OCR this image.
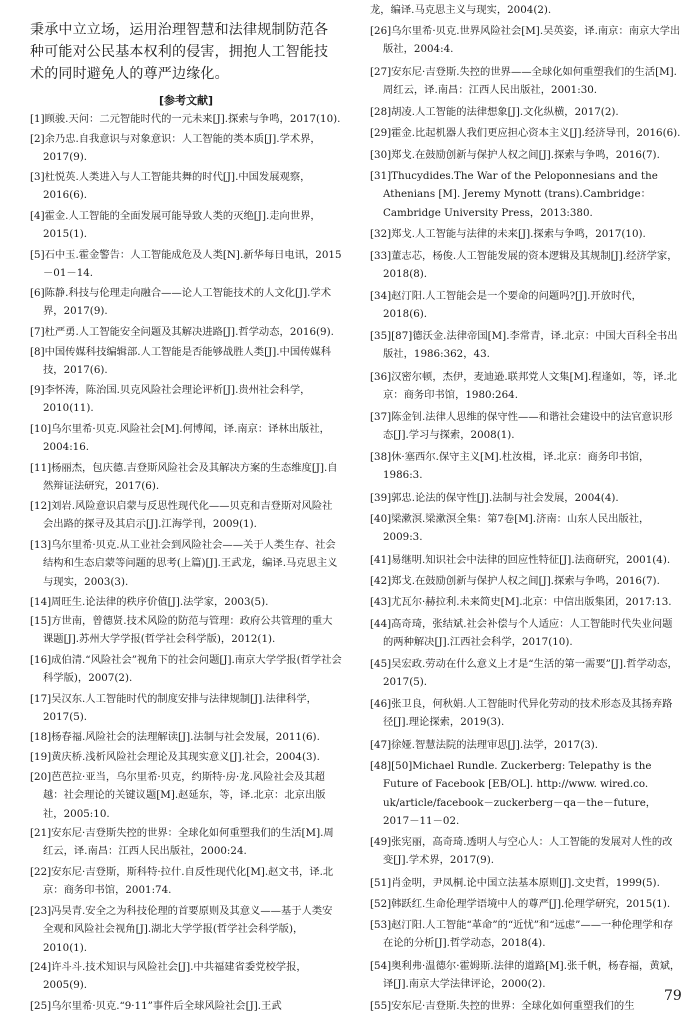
秉承中立立场，运用治理智慧和法律规制防范各种可能对公民基本权利的侵害，拥抱人工智能技术的同时避免人的尊严边缘化。
[参考文献]
[1]顾骏.天问：二元智能时代的一元未来[J].探索与争鸣，2017(10).
[2]余乃忠.自我意识与对象意识：人工智能的类本质[J].学术界，2017(9).
[3]杜悦英.人类进入与人工智能共舞的时代[J].中国发展观察，2016(6).
[4]霍金.人工智能的全面发展可能导致人类的灭绝[J].走向世界，2015(1).
[5]石中玉.霍金警告：人工智能成危及人类[N].新华每日电讯，2015－01－14.
[6]陈静.科技与伦理走向融合——论人工智能技术的人文化[J].学术界，2017(9).
[7]杜严勇.人工智能安全问题及其解决进路[J].哲学动态，2016(9).
[8]中国传媒科技编辑部.人工智能是否能够战胜人类[J].中国传媒科技，2017(6).
[9]李怀涛，陈治国.贝克风险社会理论评析[J].贵州社会科学，2010(11).
[10]乌尔里希·贝克.风险社会[M].何博闻，译.南京：译林出版社，2004:16.
[11]杨丽杰，包庆德.吉登斯风险社会及其解决方案的生态维度[J].自然辩证法研究，2017(6).
[12]刘岩.风险意识启蒙与反思性现代化——贝克和吉登斯对风险社会出路的探寻及其启示[J].江海学刊，2009(1).
[13]乌尔里希·贝克.从工业社会到风险社会——关于人类生存、社会结构和生态启蒙等问题的思考(上篇)[J].王武龙，编译.马克思主义与现实，2003(3).
[14]周旺生.论法律的秩序价值[J].法学家，2003(5).
[15]方世南，曾德贤.技术风险的防范与管理：政府公共管理的重大课题[J].苏州大学学报(哲学社会科学版)，2012(1).
[16]成伯清.“风险社会”视角下的社会问题[J].南京大学学报(哲学社会科学版)，2007(2).
[17]吴汉东.人工智能时代的制度安排与法律规制[J].法律科学，2017(5).
[18]杨春福.风险社会的法理解读[J].法制与社会发展，2011(6).
[19]黄庆桥.浅析风险社会理论及其现实意义[J].社会，2004(3).
[20]芭芭拉·亚当，乌尔里希·贝克，约斯特·房·龙.风险社会及其超越：社会理论的关键议题[M].赵延东，等，译.北京：北京出版社，2005:10.
[21]安东尼·吉登斯失控的世界：全球化如何重塑我们的生活[M].周红云，译.南昌：江西人民出版社，2000:24.
[22]安东尼·吉登斯，斯科特·拉什.自反性现代化[M].赵文书，译.北京：商务印书馆，2001:74.
[23]冯昊青.安全之为科技伦理的首要原则及其意义——基于人类安全观和风险社会视角[J].湖北大学学报(哲学社会科学版)，2010(1).
[24]许斗斗.技术知识与风险社会[J].中共福建省委党校学报，2005(9).
[25]乌尔里希·贝克.“9·11”事件后全球风险社会[J].王武
龙，编译.马克思主义与现实，2004(2).
[26]乌尔里希·贝克.世界风险社会[M].吴英姿，译.南京：南京大学出版社，2004:4.
[27]安东尼·吉登斯.失控的世界——全球化如何重塑我们的生活[M].周红云，译.南昌：江西人民出版社，2001:30.
[28]胡凌.人工智能的法律想象[J].文化纵横，2017(2).
[29]霍金.比起机器人我们更应担心资本主义[J].经济导刊，2016(6).
[30]郑戈.在鼓励创新与保护人权之间[J].探索与争鸣，2016(7).
[31]Thucydides.The War of the Peloponnesians and the Athenians [M]. Jeremy Mynott (trans).Cambridge：Cambridge University Press，2013:380.
[32]郑戈.人工智能与法律的未来[J].探索与争鸣，2017(10).
[33]董志芯，杨俊.人工智能发展的资本逻辑及其规制[J].经济学家，2018(8).
[34]赵汀阳.人工智能会是一个要命的问题吗?[J].开放时代，2018(6).
[35][87]德沃金.法律帝国[M].李常青，译.北京：中国大百科全书出版社，1986:362，43.
[36]汉密尔顿，杰伊，麦迪逊.联邦党人文集[M].程逢如，等，译.北京：商务印书馆，1980:264.
[37]陈金钊.法律人思维的保守性——和谐社会建设中的法官意识形态[J].学习与探索，2008(1).
[38]休·塞西尔.保守主义[M].杜汝楫，译.北京：商务印书馆，1986:3.
[39]郭忠.论法的保守性[J].法制与社会发展，2004(4).
[40]梁漱溟.梁漱溟全集：第7卷[M].济南：山东人民出版社，2009:3.
[41]易继明.知识社会中法律的回应性特征[J].法商研究，2001(4).
[42]郑戈.在鼓励创新与保护人权之间[J].探索与争鸣，2016(7).
[43]尤瓦尔·赫拉利.未来简史[M].北京：中信出版集团，2017:13.
[44]高奇琦，张结斌.社会补偿与个人适应：人工智能时代失业问题的两种解决[J].江西社会科学，2017(10).
[45]吴宏政.劳动在什么意义上才是“生活的第一需要”[J].哲学动态，2017(5).
[46]张卫良，何秋娟.人工智能时代异化劳动的技术形态及其扬弃路径[J].理论探索，2019(3).
[47]徐娅.智慧法院的法理审思[J].法学，2017(3).
[48][50]Michael Rundle. Zuckerberg: Telepathy is the Future of Facebook [EB/OL]. http://www. wired.co. uk/article/facebook－zuckerberg－qa－the－future，2017－11－02.
[49]张宪丽，高奇琦.透明人与空心人：人工智能的发展对人性的改变[J].学术界，2017(9).
[51]肖金明，尹凤桐.论中国立法基本原则[J].文史哲，1999(5).
[52]韩跃红.生命伦理学语境中人的尊严[J].伦理学研究，2015(1).
[53]赵汀阳.人工智能“革命”的“近忧”和“远虑”——一种伦理学和存在论的分析[J].哲学动态，2018(4).
[54]奥利弗·温德尔·霍姆斯.法律的道路[M].张千帆，杨春福，黄斌，译[J].南京大学法律评论，2000(2).
[55]安东尼·吉登斯.失控的世界：全球化如何重塑我们的生
79
